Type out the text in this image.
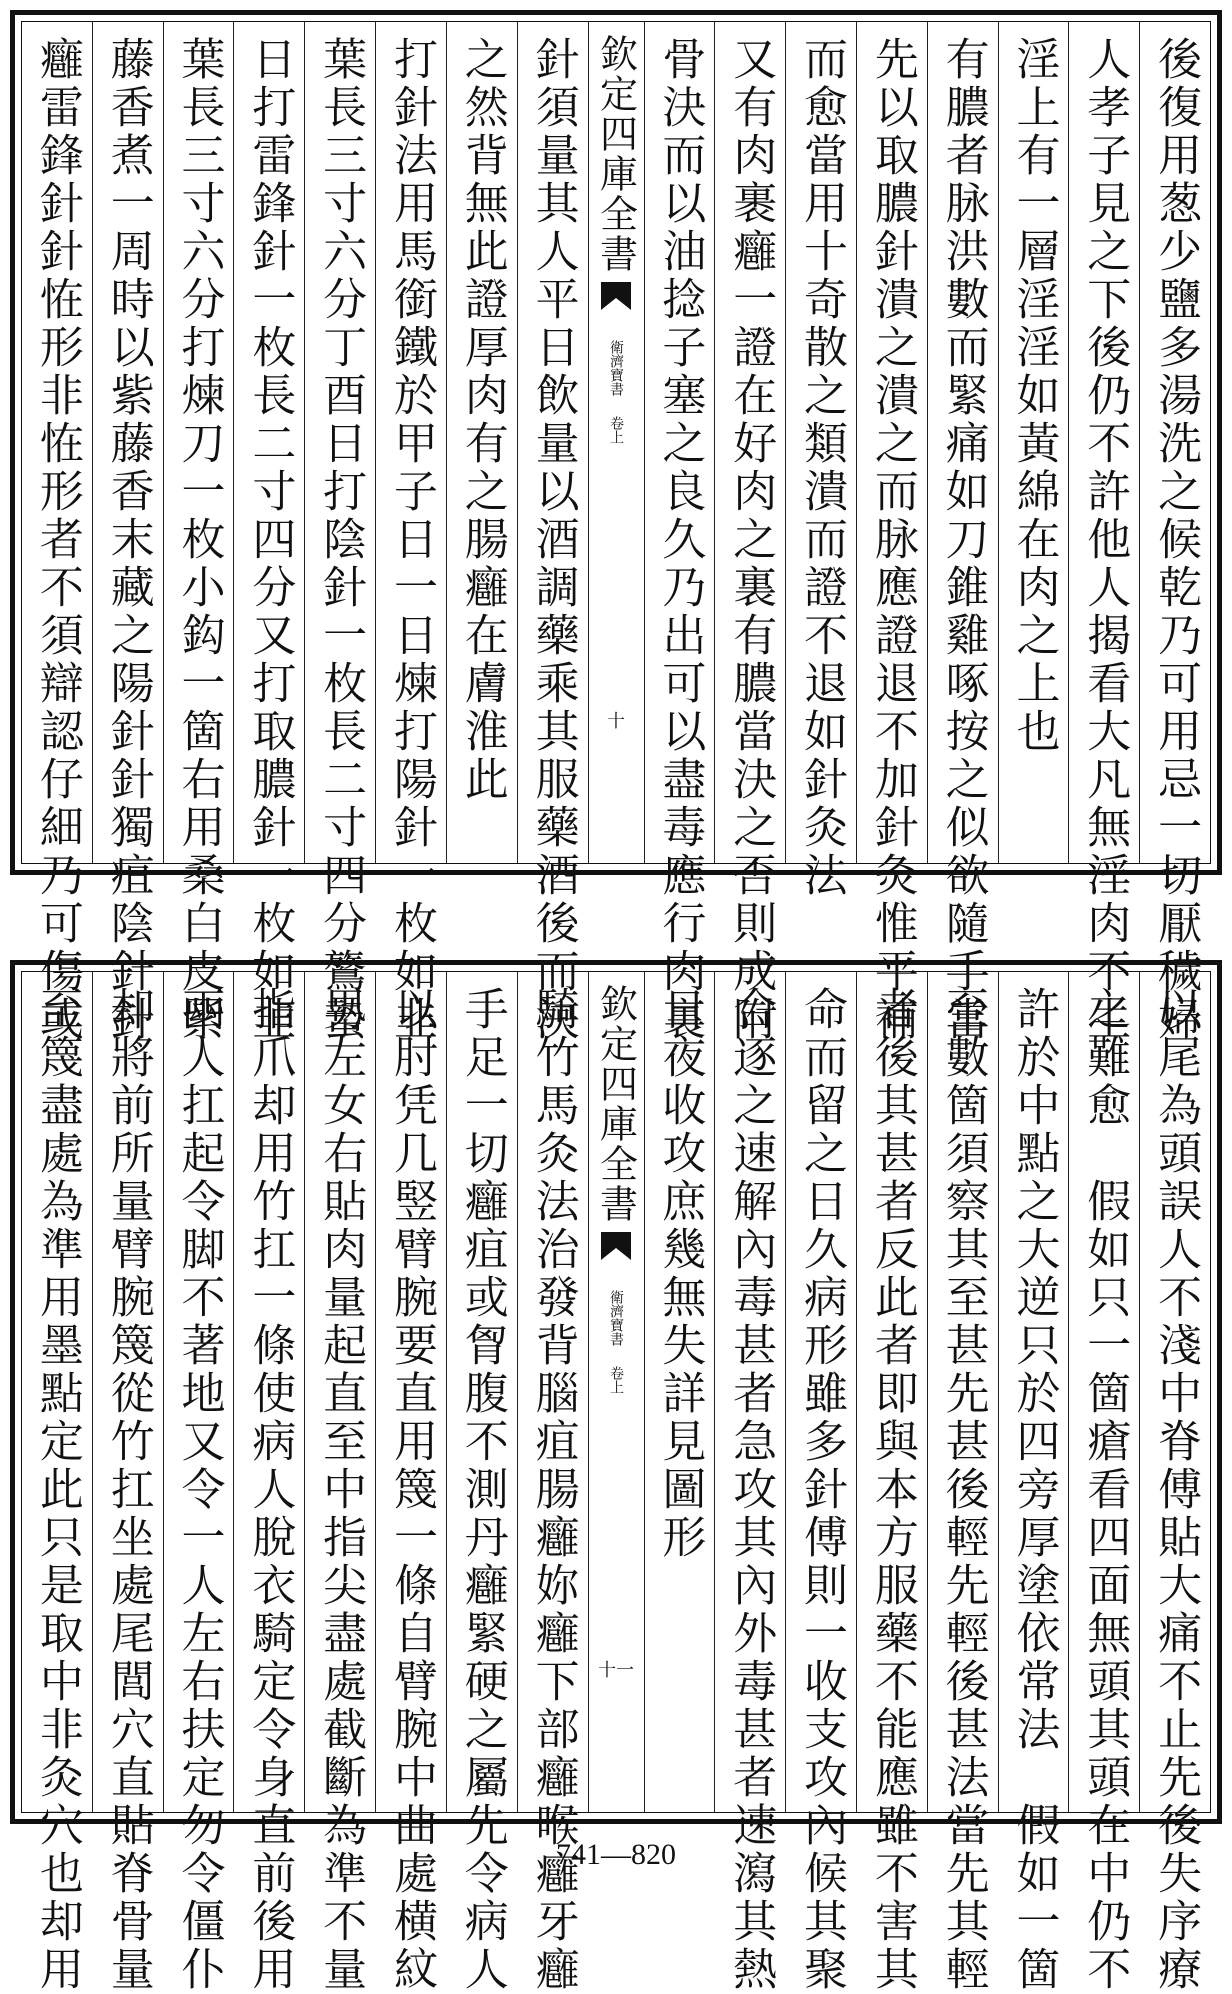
後復用葱少鹽多湯洗之候乾乃可用忌一切厭穢婦
人孝子見之下後仍不許他人揭看大凡無淫肉不生
淫上有一層淫淫如黃綿在肉之上也
有膿者脉洪數而緊痛如刀錐雞啄按之似欲隨手當
先以取膿針潰之潰之而脉應證退不加針灸惟平補
而愈當用十奇散之類潰而證不退如針灸法
又有肉裹癰一證在好肉之裏有膿當決之否則成附
骨決而以油捻子塞之良久乃出可以盡毒應行肉裏
欽定四庫全書
衛濟寶書
卷上
十
針須量其人平日飲量以酒調藥乘其服藥酒後而決
之然背無此證厚肉有之腸癰在膚淮此
打針法用馬銜鐵於甲子日一日煉打陽針一枚如韭
葉長三寸六分丁酉日打陰針一枚長二寸四分鷟蟄
日打雷鋒針一枚長二寸四分又打取膿針一枚如韭
葉長三寸六分打煉刀一枚小鈎一箇右用桑白皮紫
藤香煮一周時以紫藤香末藏之陽針針獨疽陰針針
癰雷鋒針針恠形非恠形者不須辯認仔細乃可傷或
以尾為頭誤人不淺中脊傅貼大痛不止先後失序療
之難愈　假如只一箇瘡看四面無頭其頭在中仍不
許於中點之大逆只於四旁厚塗依常法　假如一箇
至數箇須察其至甚先甚後輕先輕後甚法當先其輕
者後其甚者反此者即與本方服藥不能應雖不害其
命而留之日久病形雖多針傅則一收支攻內候其聚
合逐之速解內毒甚者急攻其內外毒甚者速瀉其熱
日夜收攻庶幾無失詳見圖形
欽定四庫全書
衛濟寶書
卷上
十一
騎竹馬灸法治發背腦疽腸癰妳癰下部癰喉癰牙癰
手足一切癰疽或胷腹不測丹癰緊硬之屬先令病人
以肘凭几竪臂腕要直用篾一條自臂腕中曲處横紋
男左女右貼肉量起直至中指尖盡處截斷為準不量
指爪却用竹扛一條使病人脫衣騎定令身直前後用
兩人扛起令脚不著地又令一人左右扶定勿令僵仆
却將前所量臂腕篾從竹扛坐處尾閭穴直貼脊骨量
至篾盡處為準用墨點定此只是取中非灸穴也却用	741—820
